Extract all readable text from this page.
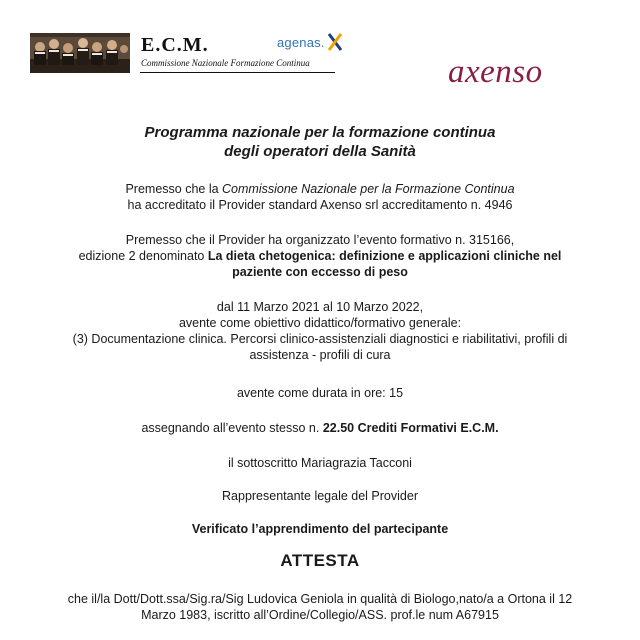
E.C.M.
Commissione Nazionale Formazione Continua
agenas.
axenso
Programma nazionale per la formazione continua
degli operatori della Sanità
Premesso che la Commissione Nazionale per la Formazione Continua
ha accreditato il Provider standard Axenso srl accreditamento n. 4946
Premesso che il Provider ha organizzato l’evento formativo n. 315166,
edizione 2 denominato La dieta chetogenica: definizione e applicazioni cliniche nel
paziente con eccesso di peso
dal 11 Marzo 2021 al 10 Marzo 2022,
avente come obiettivo didattico/formativo generale:
(3) Documentazione clinica. Percorsi clinico-assistenziali diagnostici e riabilitativi, profili di
assistenza - profili di cura
avente come durata in ore: 15
assegnando all’evento stesso n. 22.50 Crediti Formativi E.C.M.
il sottoscritto Mariagrazia Tacconi
Rappresentante legale del Provider
Verificato l’apprendimento del partecipante
ATTESTA
che il/la Dott/Dott.ssa/Sig.ra/Sig Ludovica Geniola in qualità di Biologo,nato/a a Ortona il 12
Marzo 1983, iscritto all’Ordine/Collegio/ASS. prof.le num A67915
